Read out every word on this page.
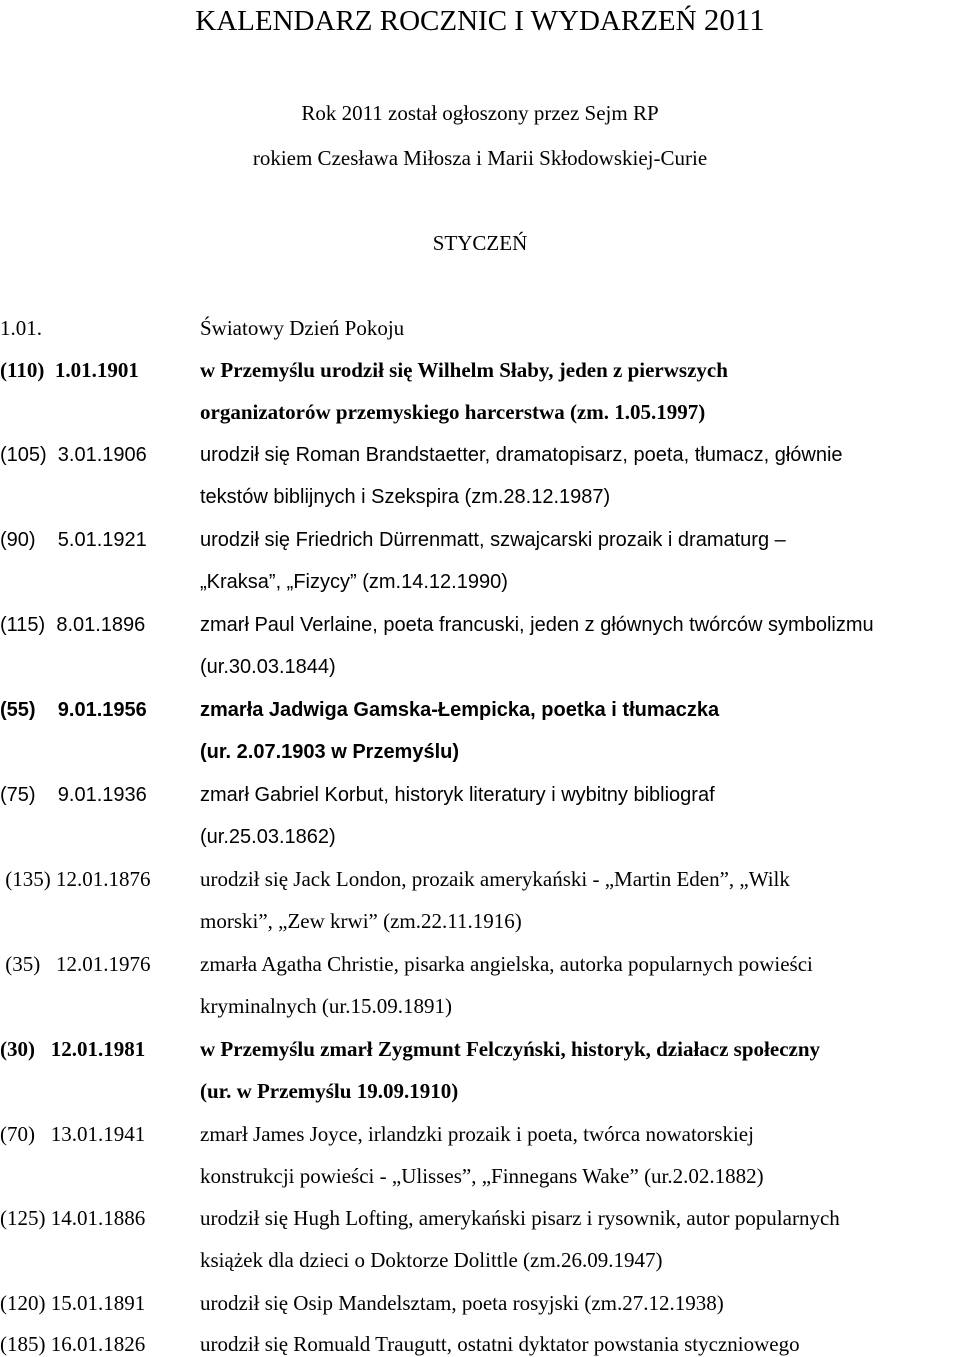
KALENDARZ ROCZNIC I WYDARZEŃ 2011
Rok 2011 został ogłoszony przez Sejm RP
rokiem Czesława Miłosza i Marii Skłodowskiej-Curie
STYCZEŃ
1.01.	Światowy Dzień Pokoju
(110)  1.01.1901	w Przemyślu urodził się Wilhelm Słaby, jeden z pierwszych
organizatorów przemyskiego harcerstwa (zm. 1.05.1997)
(105)  3.01.1906	urodził się Roman Brandstaetter, dramatopisarz, poeta, tłumacz, głównie
tekstów biblijnych i Szekspira (zm.28.12.1987)
(90)    5.01.1921	urodził się Friedrich Dürrenmatt, szwajcarski prozaik i dramaturg –
„Kraksa”, „Fizycy” (zm.14.12.1990)
(115)  8.01.1896	zmarł Paul Verlaine, poeta francuski, jeden z głównych twórców symbolizmu
(ur.30.03.1844)
(55)    9.01.1956	zmarła Jadwiga Gamska-Łempicka, poetka i tłumaczka
(ur. 2.07.1903 w Przemyślu)
(75)    9.01.1936	zmarł Gabriel Korbut, historyk literatury i wybitny bibliograf
(ur.25.03.1862)
(135) 12.01.1876 urodził się Jack London, prozaik amerykański - „Martin Eden”, „Wilk
morski”, „Zew krwi” (zm.22.11.1916)
(35)   12.01.1976 zmarła Agatha Christie, pisarka angielska, autorka popularnych powieści
kryminalnych (ur.15.09.1891)
(30)   12.01.1981	w Przemyślu zmarł Zygmunt Felczyński, historyk, działacz społeczny
(ur. w Przemyślu 19.09.1910)
(70)   13.01.1941	zmarł James Joyce, irlandzki prozaik i poeta, twórca nowatorskiej
konstrukcji powieści - „Ulisses”, „Finnegans Wake” (ur.2.02.1882)
(125) 14.01.1886	urodził się Hugh Lofting, amerykański pisarz i rysownik, autor popularnych
książek dla dzieci o Doktorze Dolittle (zm.26.09.1947)
(120) 15.01.1891	urodził się Osip Mandelsztam, poeta rosyjski (zm.27.12.1938)
(185) 16.01.1826	urodził się Romuald Traugutt, ostatni dyktator powstania styczniowego
